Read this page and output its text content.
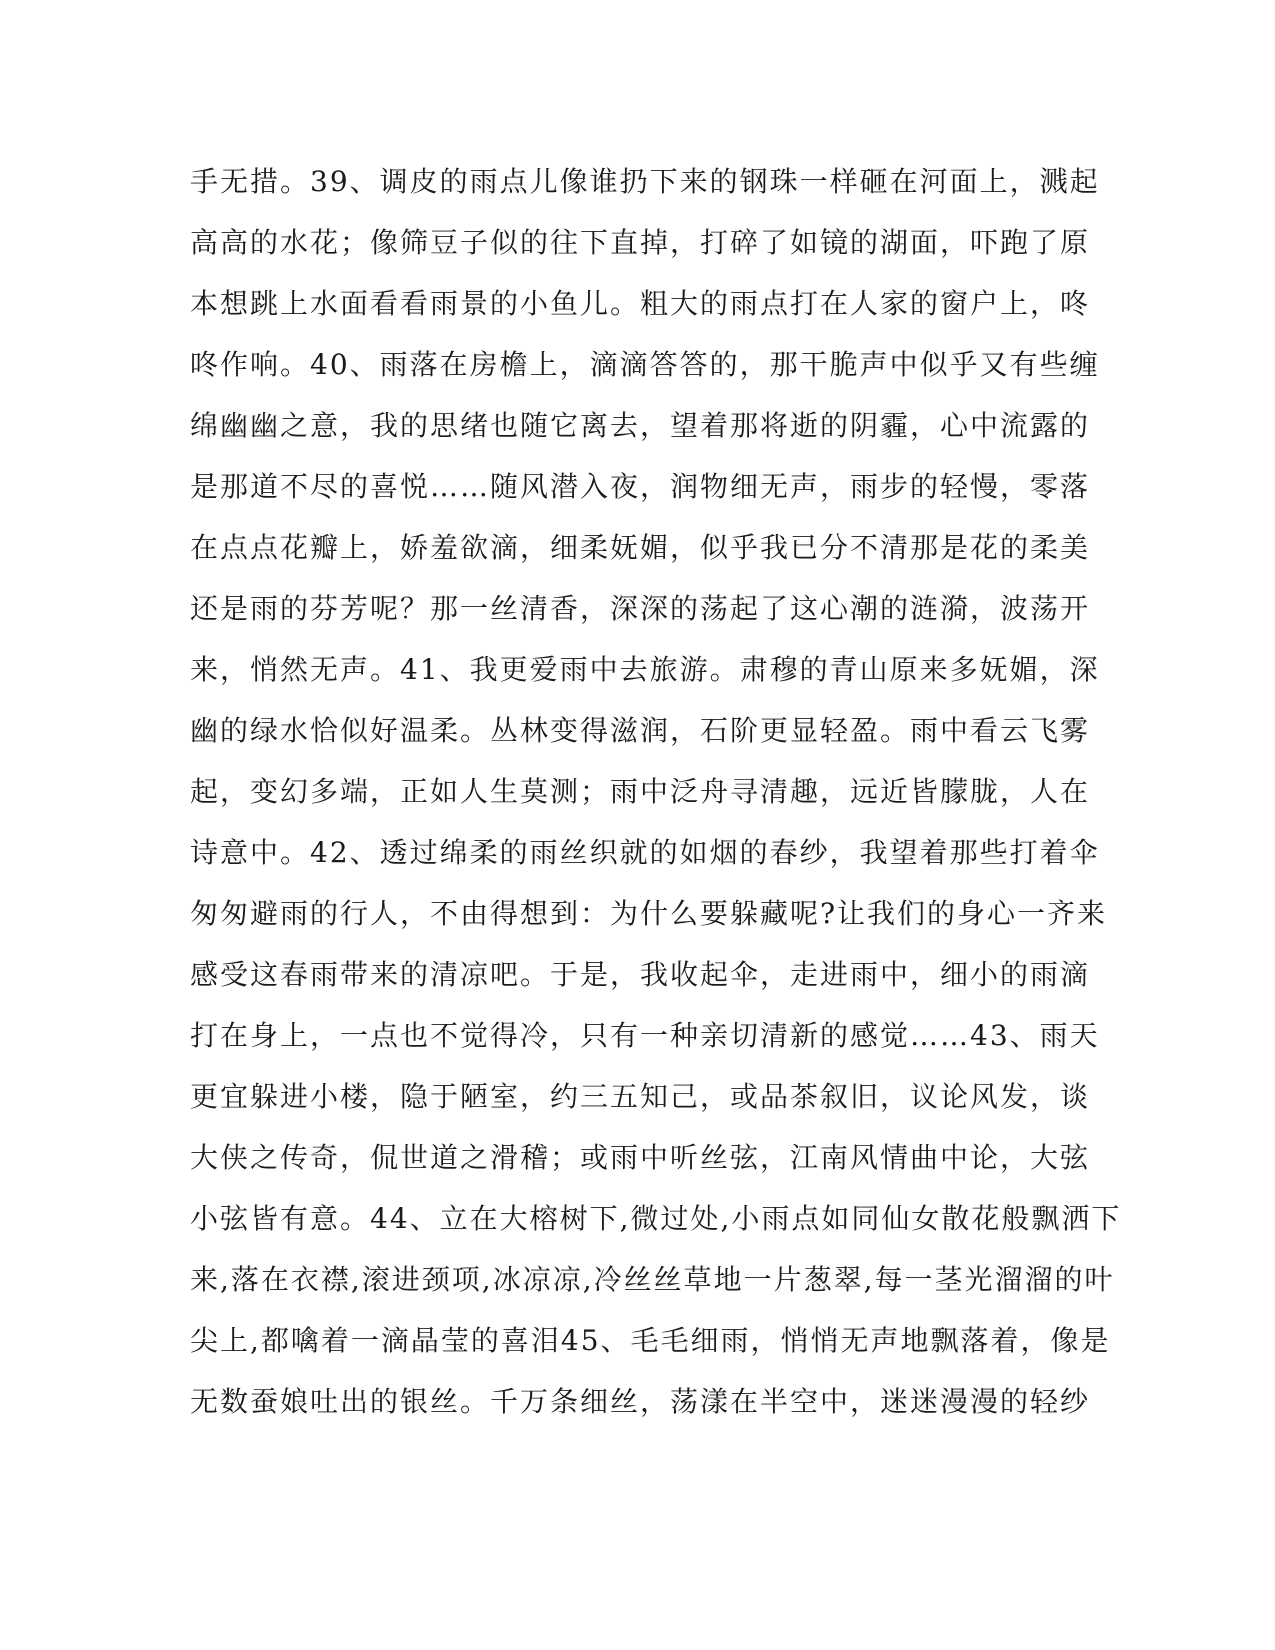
手无措。39、调皮的雨点儿像谁扔下来的钢珠一样砸在河面上，溅起
高高的水花；像筛豆子似的往下直掉，打碎了如镜的湖面，吓跑了原
本想跳上水面看看雨景的小鱼儿。粗大的雨点打在人家的窗户上，咚
咚作响。40、雨落在房檐上，滴滴答答的，那干脆声中似乎又有些缠
绵幽幽之意，我的思绪也随它离去，望着那将逝的阴霾，心中流露的
是那道不尽的喜悦……随风潜入夜，润物细无声，雨步的轻慢，零落
在点点花瓣上，娇羞欲滴，细柔妩媚，似乎我已分不清那是花的柔美
还是雨的芬芳呢？那一丝清香，深深的荡起了这心潮的涟漪，波荡开
来，悄然无声。41、我更爱雨中去旅游。肃穆的青山原来多妩媚，深
幽的绿水恰似好温柔。丛林变得滋润，石阶更显轻盈。雨中看云飞雾
起，变幻多端，正如人生莫测；雨中泛舟寻清趣，远近皆朦胧，人在
诗意中。42、透过绵柔的雨丝织就的如烟的春纱，我望着那些打着伞
匆匆避雨的行人，不由得想到：为什么要躲藏呢?让我们的身心一齐来
感受这春雨带来的清凉吧。于是，我收起伞，走进雨中，细小的雨滴
打在身上，一点也不觉得冷，只有一种亲切清新的感觉……43、雨天
更宜躲进小楼，隐于陋室，约三五知己，或品茶叙旧，议论风发，谈
大侠之传奇，侃世道之滑稽；或雨中听丝弦，江南风情曲中论，大弦
小弦皆有意。44、立在大榕树下,微过处,小雨点如同仙女散花般飘洒下
来,落在衣襟,滚进颈项,冰凉凉,冷丝丝草地一片葱翠,每一茎光溜溜的叶
尖上,都噙着一滴晶莹的喜泪45、毛毛细雨，悄悄无声地飘落着，像是
无数蚕娘吐出的银丝。千万条细丝，荡漾在半空中，迷迷漫漫的轻纱
